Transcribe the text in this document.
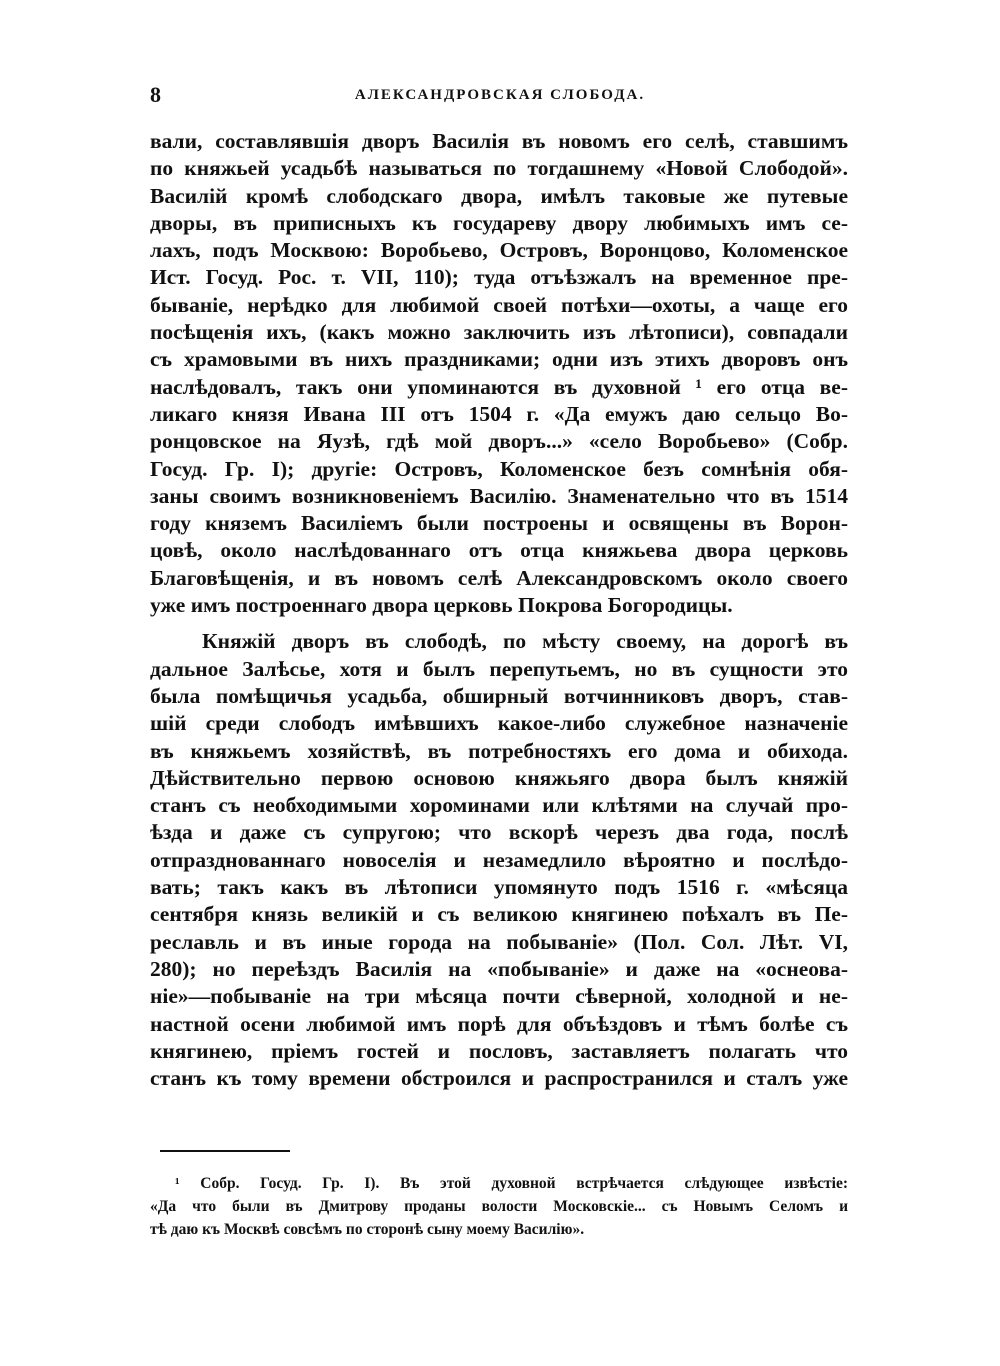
8	АЛЕКСАНДРОВСКАЯ СЛОБОДА.
вали, составлявшія дворъ Василія въ новомъ его селѣ, ставшимъ
по княжьей усадьбѣ называться по тогдашнему «Новой Слободой».
Василій кромѣ слободскаго двора, имѣлъ таковые же путевые
дворы, въ приписныхъ къ государеву двору любимыхъ имъ се-
лахъ, подъ Москвою: Воробьево, Островъ, Воронцово, Коломенское
Ист. Госуд. Рос. т. VII, 110); туда отъѣзжалъ на временное пре-
быванiе, нерѣдко для любимой своей потѣхи—охоты, а чаще его
посѣщенія ихъ, (какъ можно заключить изъ лѣтописи), совпадали
съ храмовыми въ нихъ праздниками; одни изъ этихъ дворовъ онъ
наслѣдовалъ, такъ они упоминаются въ духовной ¹ его отца ве-
ликаго князя Ивана III отъ 1504 г. «Да емужъ даю сельцо Во-
ронцовское на Яузѣ, гдѣ мой дворъ...» «село Воробьево» (Собр.
Госуд. Гр. I); другіе: Островъ, Коломенское безъ сомнѣнія обя-
заны своимъ возникновеніемъ Василію. Знаменательно что въ 1514
году княземъ Василіемъ были построены и освящены въ Ворон-
цовѣ, около наслѣдованнаго отъ отца княжьева двора церковь
Благовѣщенія, и въ новомъ селѣ Александровскомъ около своего
уже имъ построеннаго двора церковь Покрова Богородицы.
Княжій дворъ въ слободѣ, по мѣсту своему, на дорогѣ въ
дальное Залѣсье, хотя и былъ перепутьемъ, но въ сущности это
была помѣщичья усадьба, обширный вотчинниковъ дворъ, став-
шій среди слободъ имѣвшихъ какое-либо служебное назначеніе
въ княжьемъ хозяйствѣ, въ потребностяхъ его дома и обихода.
Дѣйствительно первою основою княжьяго двора былъ княжій
станъ съ необходимыми хороминами или клѣтями на случай про-
ѣзда и даже съ супругою; что вскорѣ черезъ два года, послѣ
отпразднованнаго новоселія и незамедлило вѣроятно и послѣдо-
вать; такъ какъ въ лѣтописи упомянуто подъ 1516 г. «мѣсяца
сентября князь великій и съ великою княгинею поѣхалъ въ Пе-
реславль и въ иные города на побываніе» (Пол. Сол. Лѣт. VI,
280); но переѣздъ Василія на «побываніе» и даже на «оснеова-
ніе»—побываніе на три мѣсяца почти сѣверной, холодной и не-
настной осени любимой имъ порѣ для объѣздовъ и тѣмъ болѣе съ
княгинею, пріемъ гостей и пословъ, заставляетъ полагать что
станъ къ тому времени обстроился и распространился и сталъ уже
¹ Собр. Госуд. Гр. I). Въ этой духовной встрѣчается слѣдующее извѣстіе:
«Да что были въ Дмитрову проданы волости Московскіе... съ Новымъ Селомъ и
тѣ даю къ Москвѣ совсѣмъ по сторонѣ сыну моему Василію».
